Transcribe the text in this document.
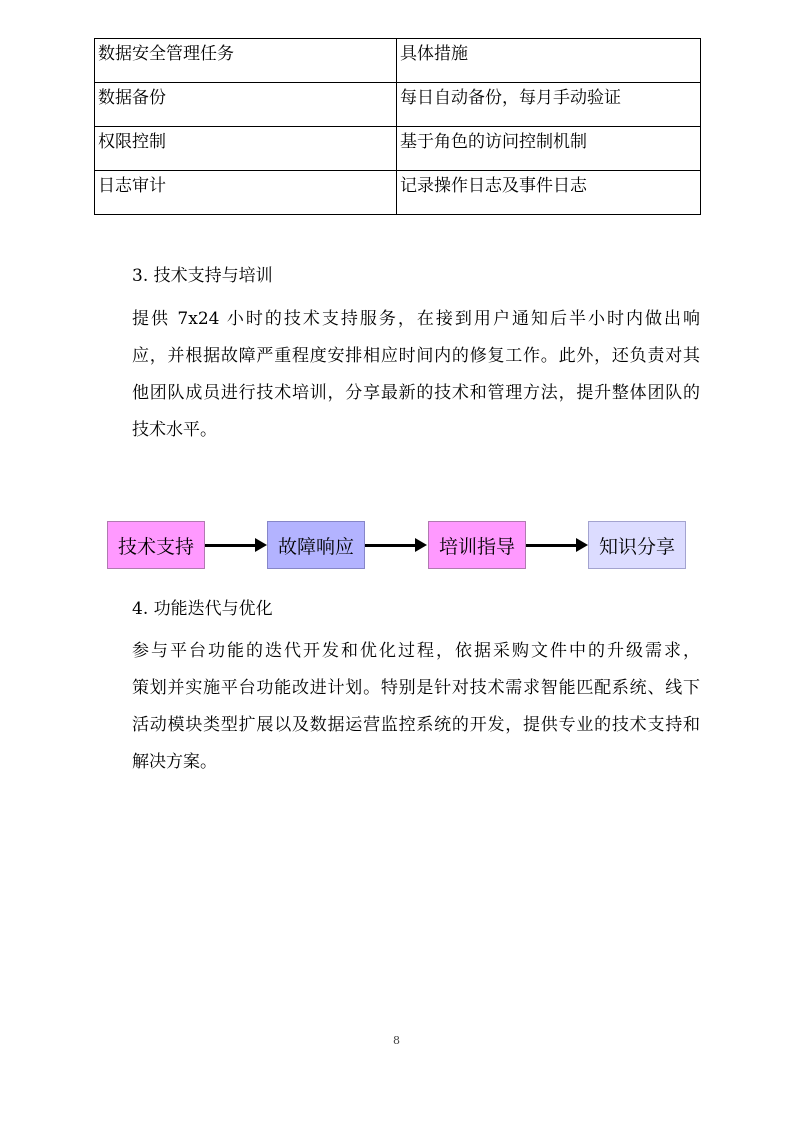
数据安全管理任务	具体措施

数据备份	每日自动备份，每月手动验证

权限控制	基于角色的访问控制机制

日志审计	记录操作日志及事件日志
3. 技术支持与培训
提供 7x24 小时的技术支持服务，在接到用户通知后半小时内做出响
应，并根据故障严重程度安排相应时间内的修复工作。此外，还负责对其
他团队成员进行技术培训，分享最新的技术和管理方法，提升整体团队的
技术水平。
技术支持	故障响应	培训指导	知识分享
4. 功能迭代与优化
参与平台功能的迭代开发和优化过程，依据采购文件中的升级需求，
策划并实施平台功能改进计划。特别是针对技术需求智能匹配系统、线下
活动模块类型扩展以及数据运营监控系统的开发，提供专业的技术支持和
解决方案。
8
